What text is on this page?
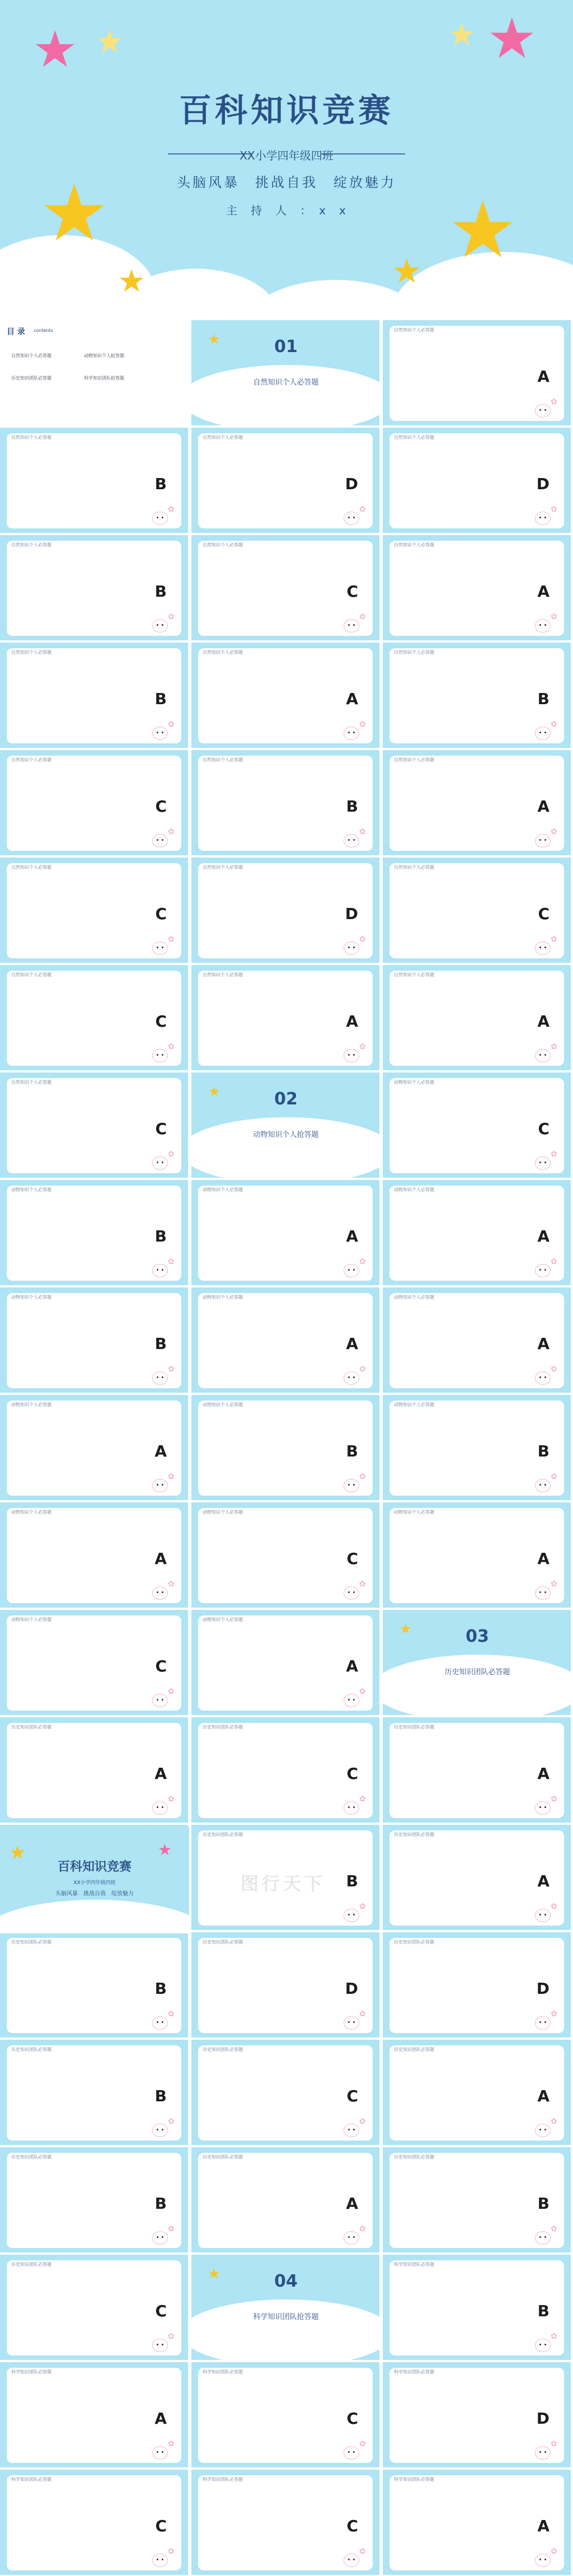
★ ★	★ ★
★	★
★	★
百科知识竞赛
XX小学四年级四班
头脑风暴　挑战自我　绽放魅力
主　持　人　：　x　x
目 录 contents
自然知识个人必答题	动物知识个人抢答题
历史知识团队必答题	科学知识团队抢答题
★	01
自然知识个人必答题
自然知识个人必答题
A
✿
自然知识个人必答题
B
✿
自然知识个人必答题
D
✿
自然知识个人必答题
D
✿
自然知识个人必答题
B
✿
自然知识个人必答题
C
✿
自然知识个人必答题
A
✿
自然知识个人必答题
B
✿
自然知识个人必答题
A
✿
自然知识个人必答题
B
✿
自然知识个人必答题
C
✿
自然知识个人必答题
B
✿
自然知识个人必答题
A
✿
自然知识个人必答题
C
✿
自然知识个人必答题
D
✿
自然知识个人必答题
C
✿
自然知识个人必答题
C
✿
自然知识个人必答题
A
✿
自然知识个人必答题
A
✿
自然知识个人必答题
C
✿
★	02
动物知识个人抢答题
动物知识个人必答题
C
✿
动物知识个人必答题
B
✿
动物知识个人必答题
A
✿
动物知识个人必答题
A
✿
动物知识个人必答题
B
✿
动物知识个人必答题
A
✿
动物知识个人必答题
A
✿
动物知识个人必答题
A
✿
动物知识个人必答题
B
✿
动物知识个人必答题
B
✿
动物知识个人必答题
A
✿
动物知识个人必答题
C
✿
动物知识个人必答题
A
✿
动物知识个人必答题
C
✿
动物知识个人必答题
A
✿
★	03
历史知识团队必答题
历史知识团队必答题
A
✿
历史知识团队必答题
C
✿
历史知识团队必答题
A
✿
历史知识团队必答题
B
✿
历史知识团队必答题
A
✿
历史知识团队必答题
B
✿
历史知识团队必答题
D
✿
历史知识团队必答题
D
✿
历史知识团队必答题
B
✿
历史知识团队必答题
C
✿
历史知识团队必答题
A
✿
历史知识团队必答题
B
✿
历史知识团队必答题
A
✿
历史知识团队必答题
B
✿
历史知识团队必答题
C
✿
★	04
科学知识团队抢答题
科学知识团队必答题
B
✿
科学知识团队必答题
A
✿
科学知识团队必答题
C
✿
科学知识团队必答题
D
✿
科学知识团队必答题
C
✿
科学知识团队必答题
C
✿
科学知识团队必答题
A
✿
★	★
百科知识竞赛
XX小学四年级四班
头脑风暴　挑战自我　绽放魅力	图行天下
